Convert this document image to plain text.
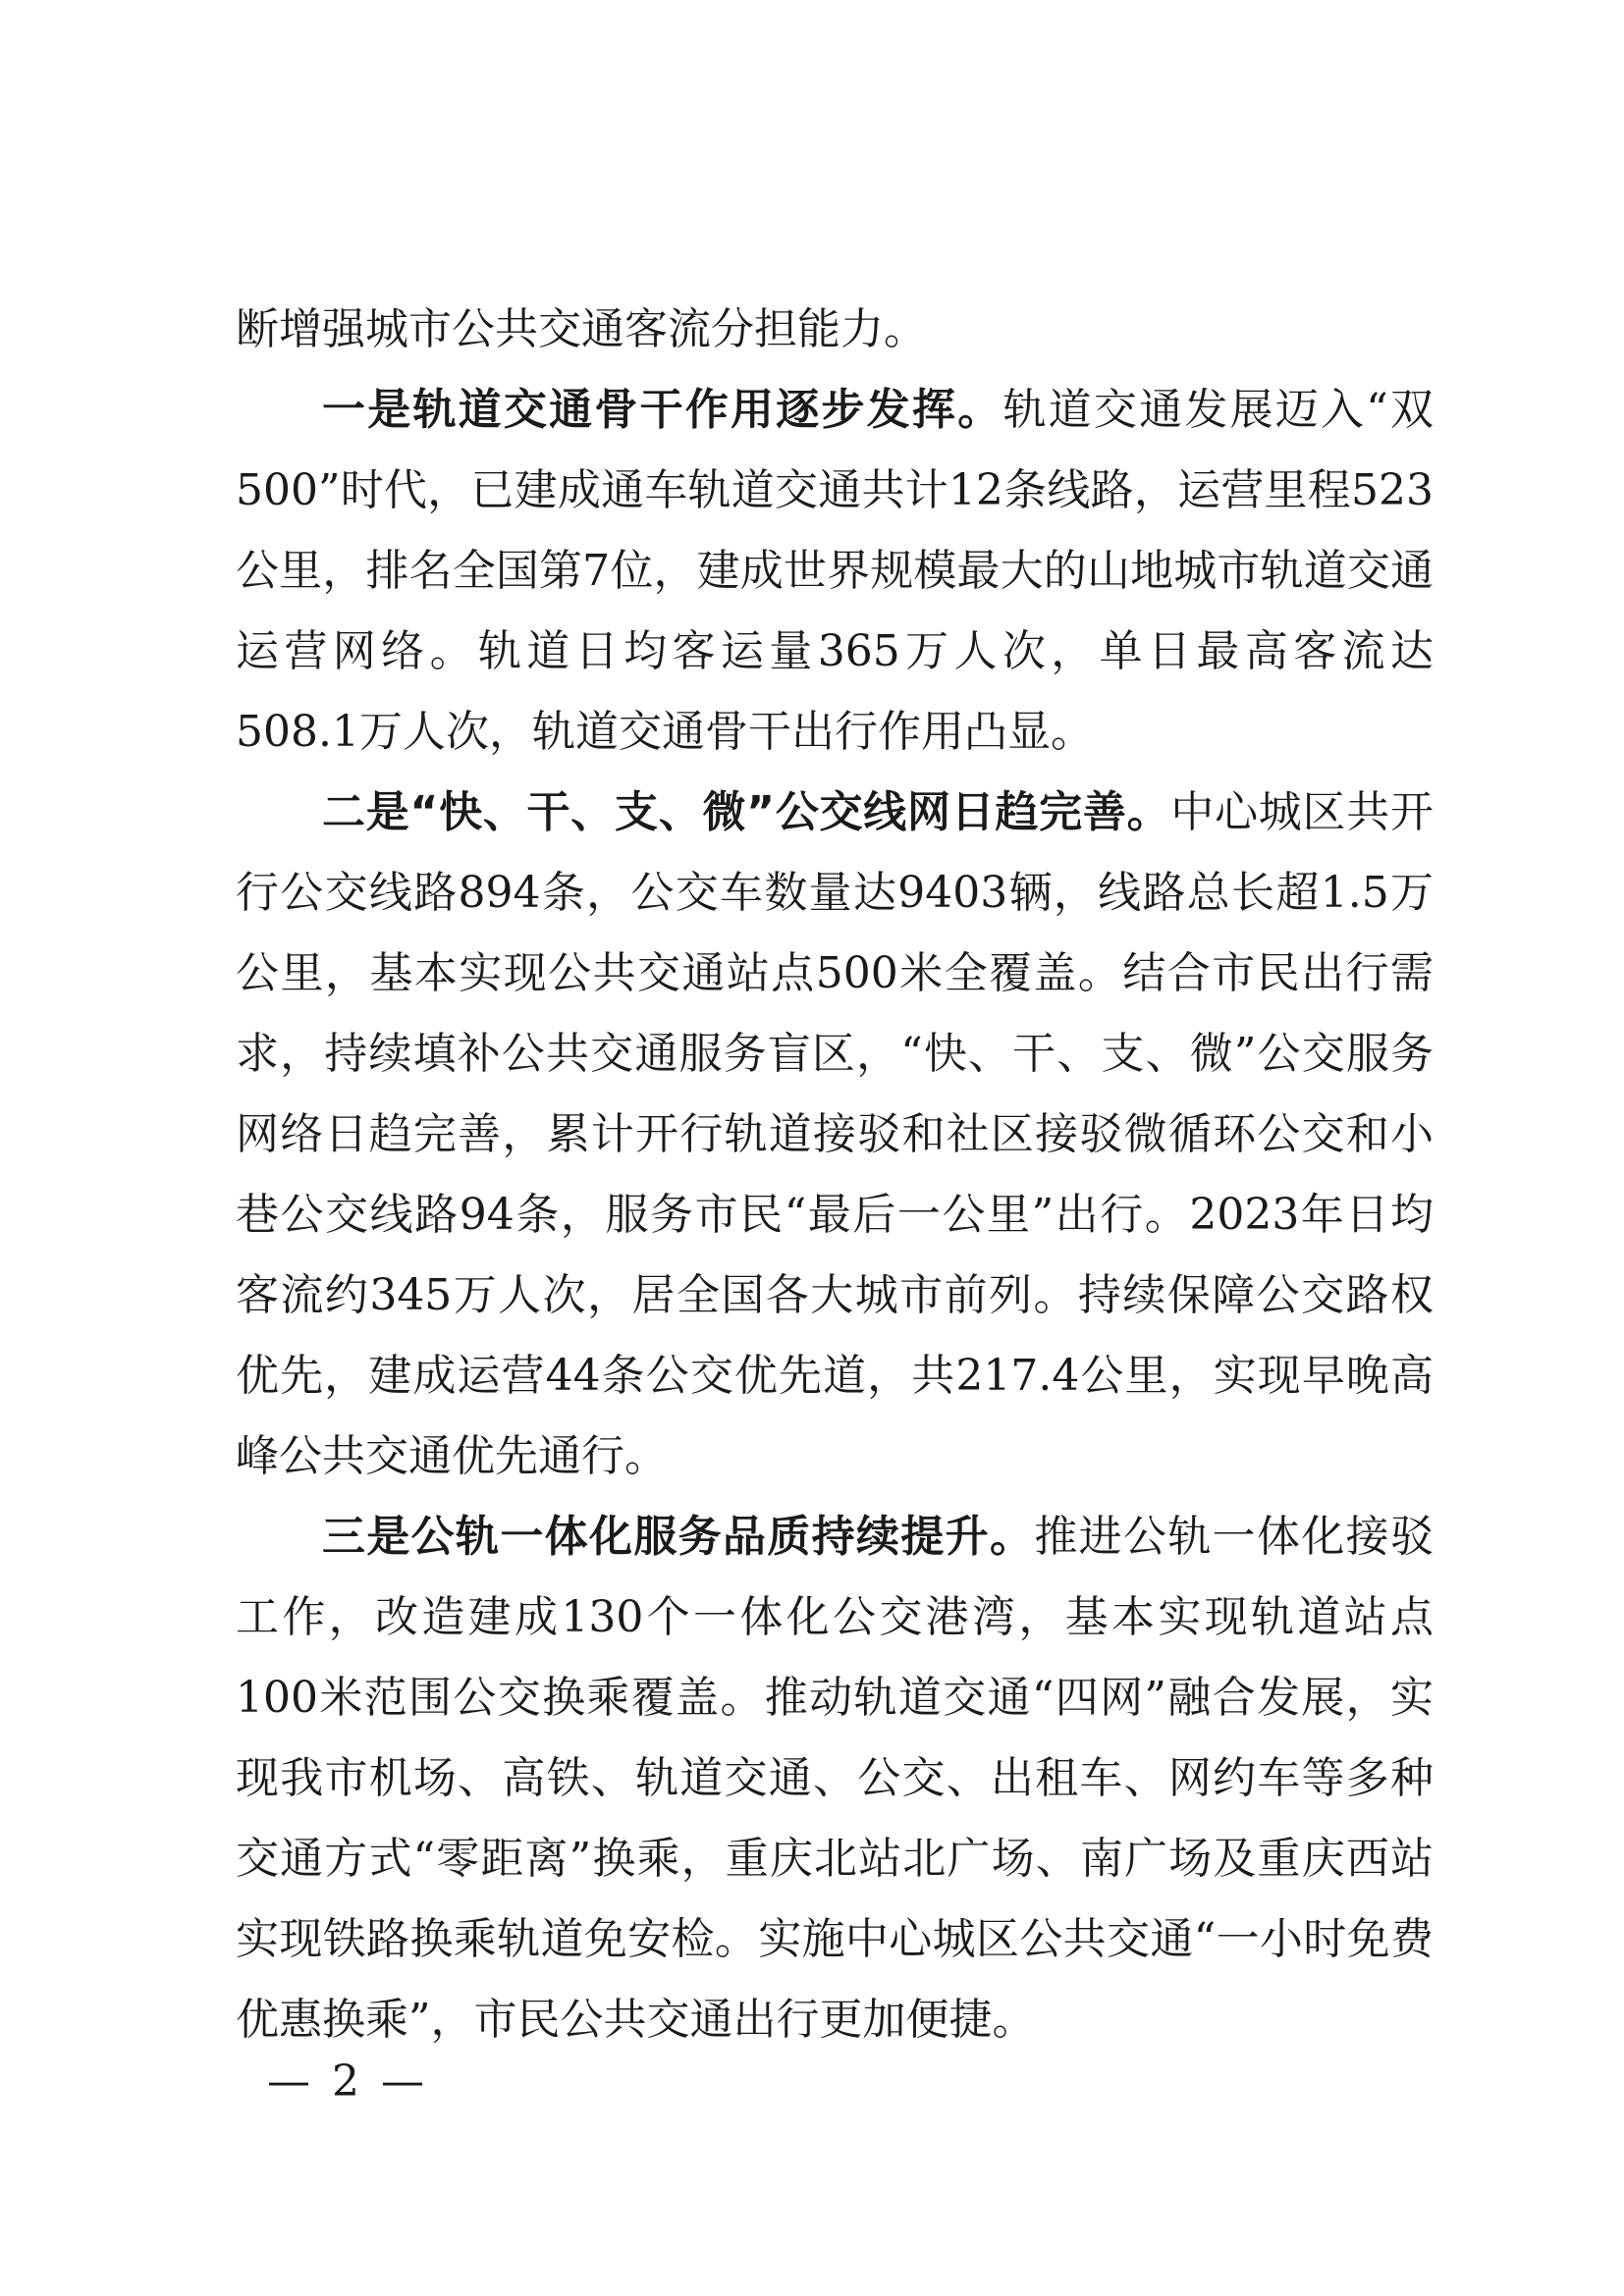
断增强城市公共交通客流分担能力。

一是轨道交通骨干作用逐步发挥。轨道交通发展迈入“双500”时代，已建成通车轨道交通共计12条线路，运营里程523公里，排名全国第7位，建成世界规模最大的山地城市轨道交通运营网络。轨道日均客运量365万人次，单日最高客流达508.1万人次，轨道交通骨干出行作用凸显。

二是“快、干、支、微”公交线网日趋完善。中心城区共开行公交线路894条，公交车数量达9403辆，线路总长超1.5万公里，基本实现公共交通站点500米全覆盖。结合市民出行需求，持续填补公共交通服务盲区，“快、干、支、微”公交服务网络日趋完善，累计开行轨道接驳和社区接驳微循环公交和小巷公交线路94条，服务市民“最后一公里”出行。2023年日均客流约345万人次，居全国各大城市前列。持续保障公交路权优先，建成运营44条公交优先道，共217.4公里，实现早晚高峰公共交通优先通行。

三是公轨一体化服务品质持续提升。推进公轨一体化接驳工作，改造建成130个一体化公交港湾，基本实现轨道站点100米范围公交换乘覆盖。推动轨道交通“四网”融合发展，实现我市机场、高铁、轨道交通、公交、出租车、网约车等多种交通方式“零距离”换乘，重庆北站北广场、南广场及重庆西站实现铁路换乘轨道免安检。实施中心城区公共交通“一小时免费优惠换乘”，市民公共交通出行更加便捷。

— 2 —
